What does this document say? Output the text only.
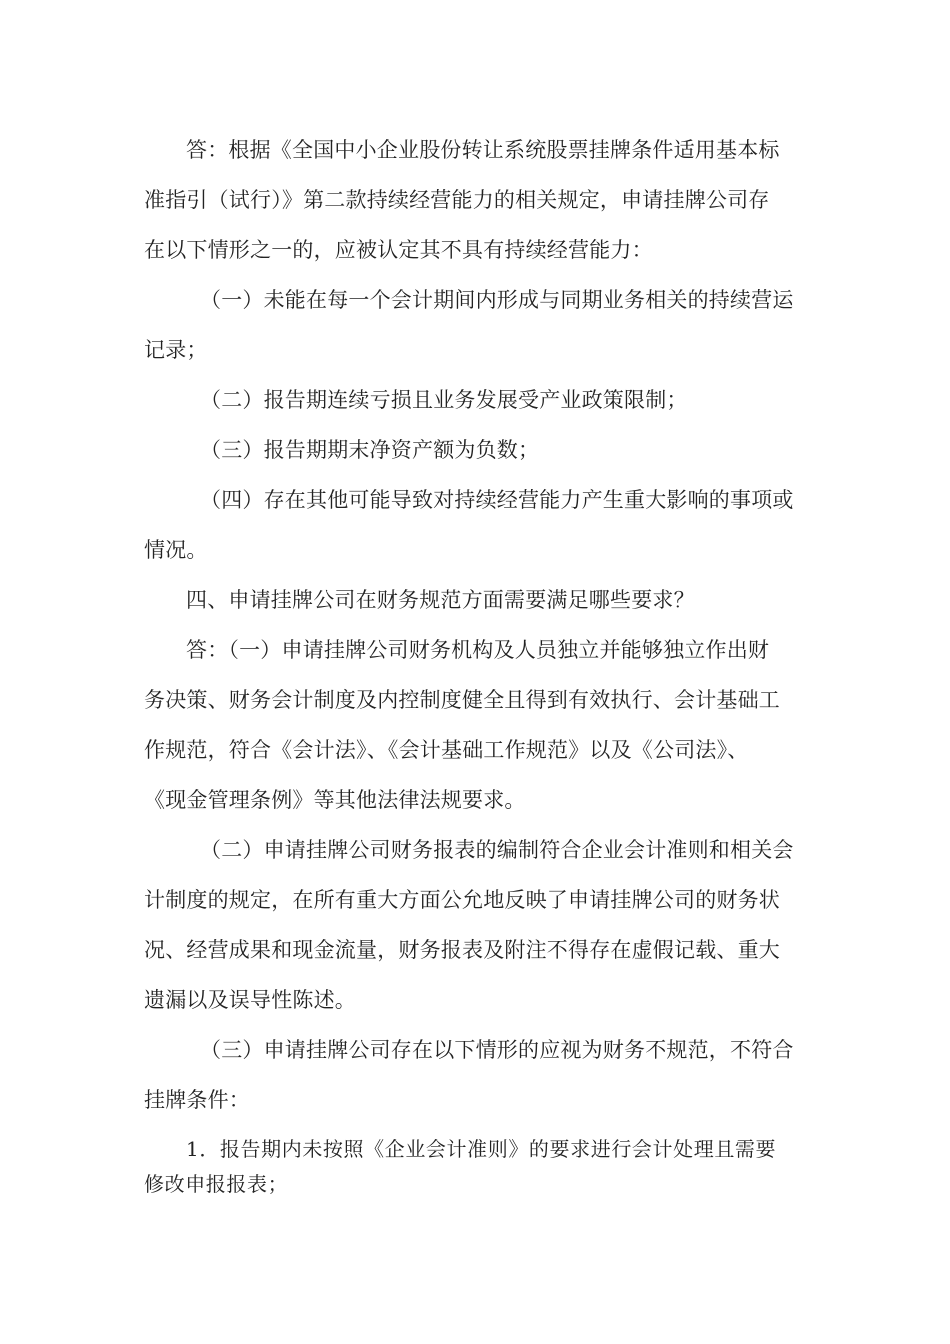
答：根据《全国中小企业股份转让系统股票挂牌条件适用基本标
准指引（试行）》第二款持续经营能力的相关规定，申请挂牌公司存
在以下情形之一的，应被认定其不具有持续经营能力：
（一）未能在每一个会计期间内形成与同期业务相关的持续营运
记录；
（二）报告期连续亏损且业务发展受产业政策限制；
（三）报告期期末净资产额为负数；
（四）存在其他可能导致对持续经营能力产生重大影响的事项或
情况。
四、申请挂牌公司在财务规范方面需要满足哪些要求？
答：（一）申请挂牌公司财务机构及人员独立并能够独立作出财
务决策、财务会计制度及内控制度健全且得到有效执行、会计基础工
作规范，符合《会计法》、《会计基础工作规范》以及《公司法》、
《现金管理条例》等其他法律法规要求。
（二）申请挂牌公司财务报表的编制符合企业会计准则和相关会
计制度的规定，在所有重大方面公允地反映了申请挂牌公司的财务状
况、经营成果和现金流量，财务报表及附注不得存在虚假记载、重大
遗漏以及误导性陈述。
（三）申请挂牌公司存在以下情形的应视为财务不规范，不符合
挂牌条件：
1．报告期内未按照《企业会计准则》的要求进行会计处理且需要
修改申报报表；
